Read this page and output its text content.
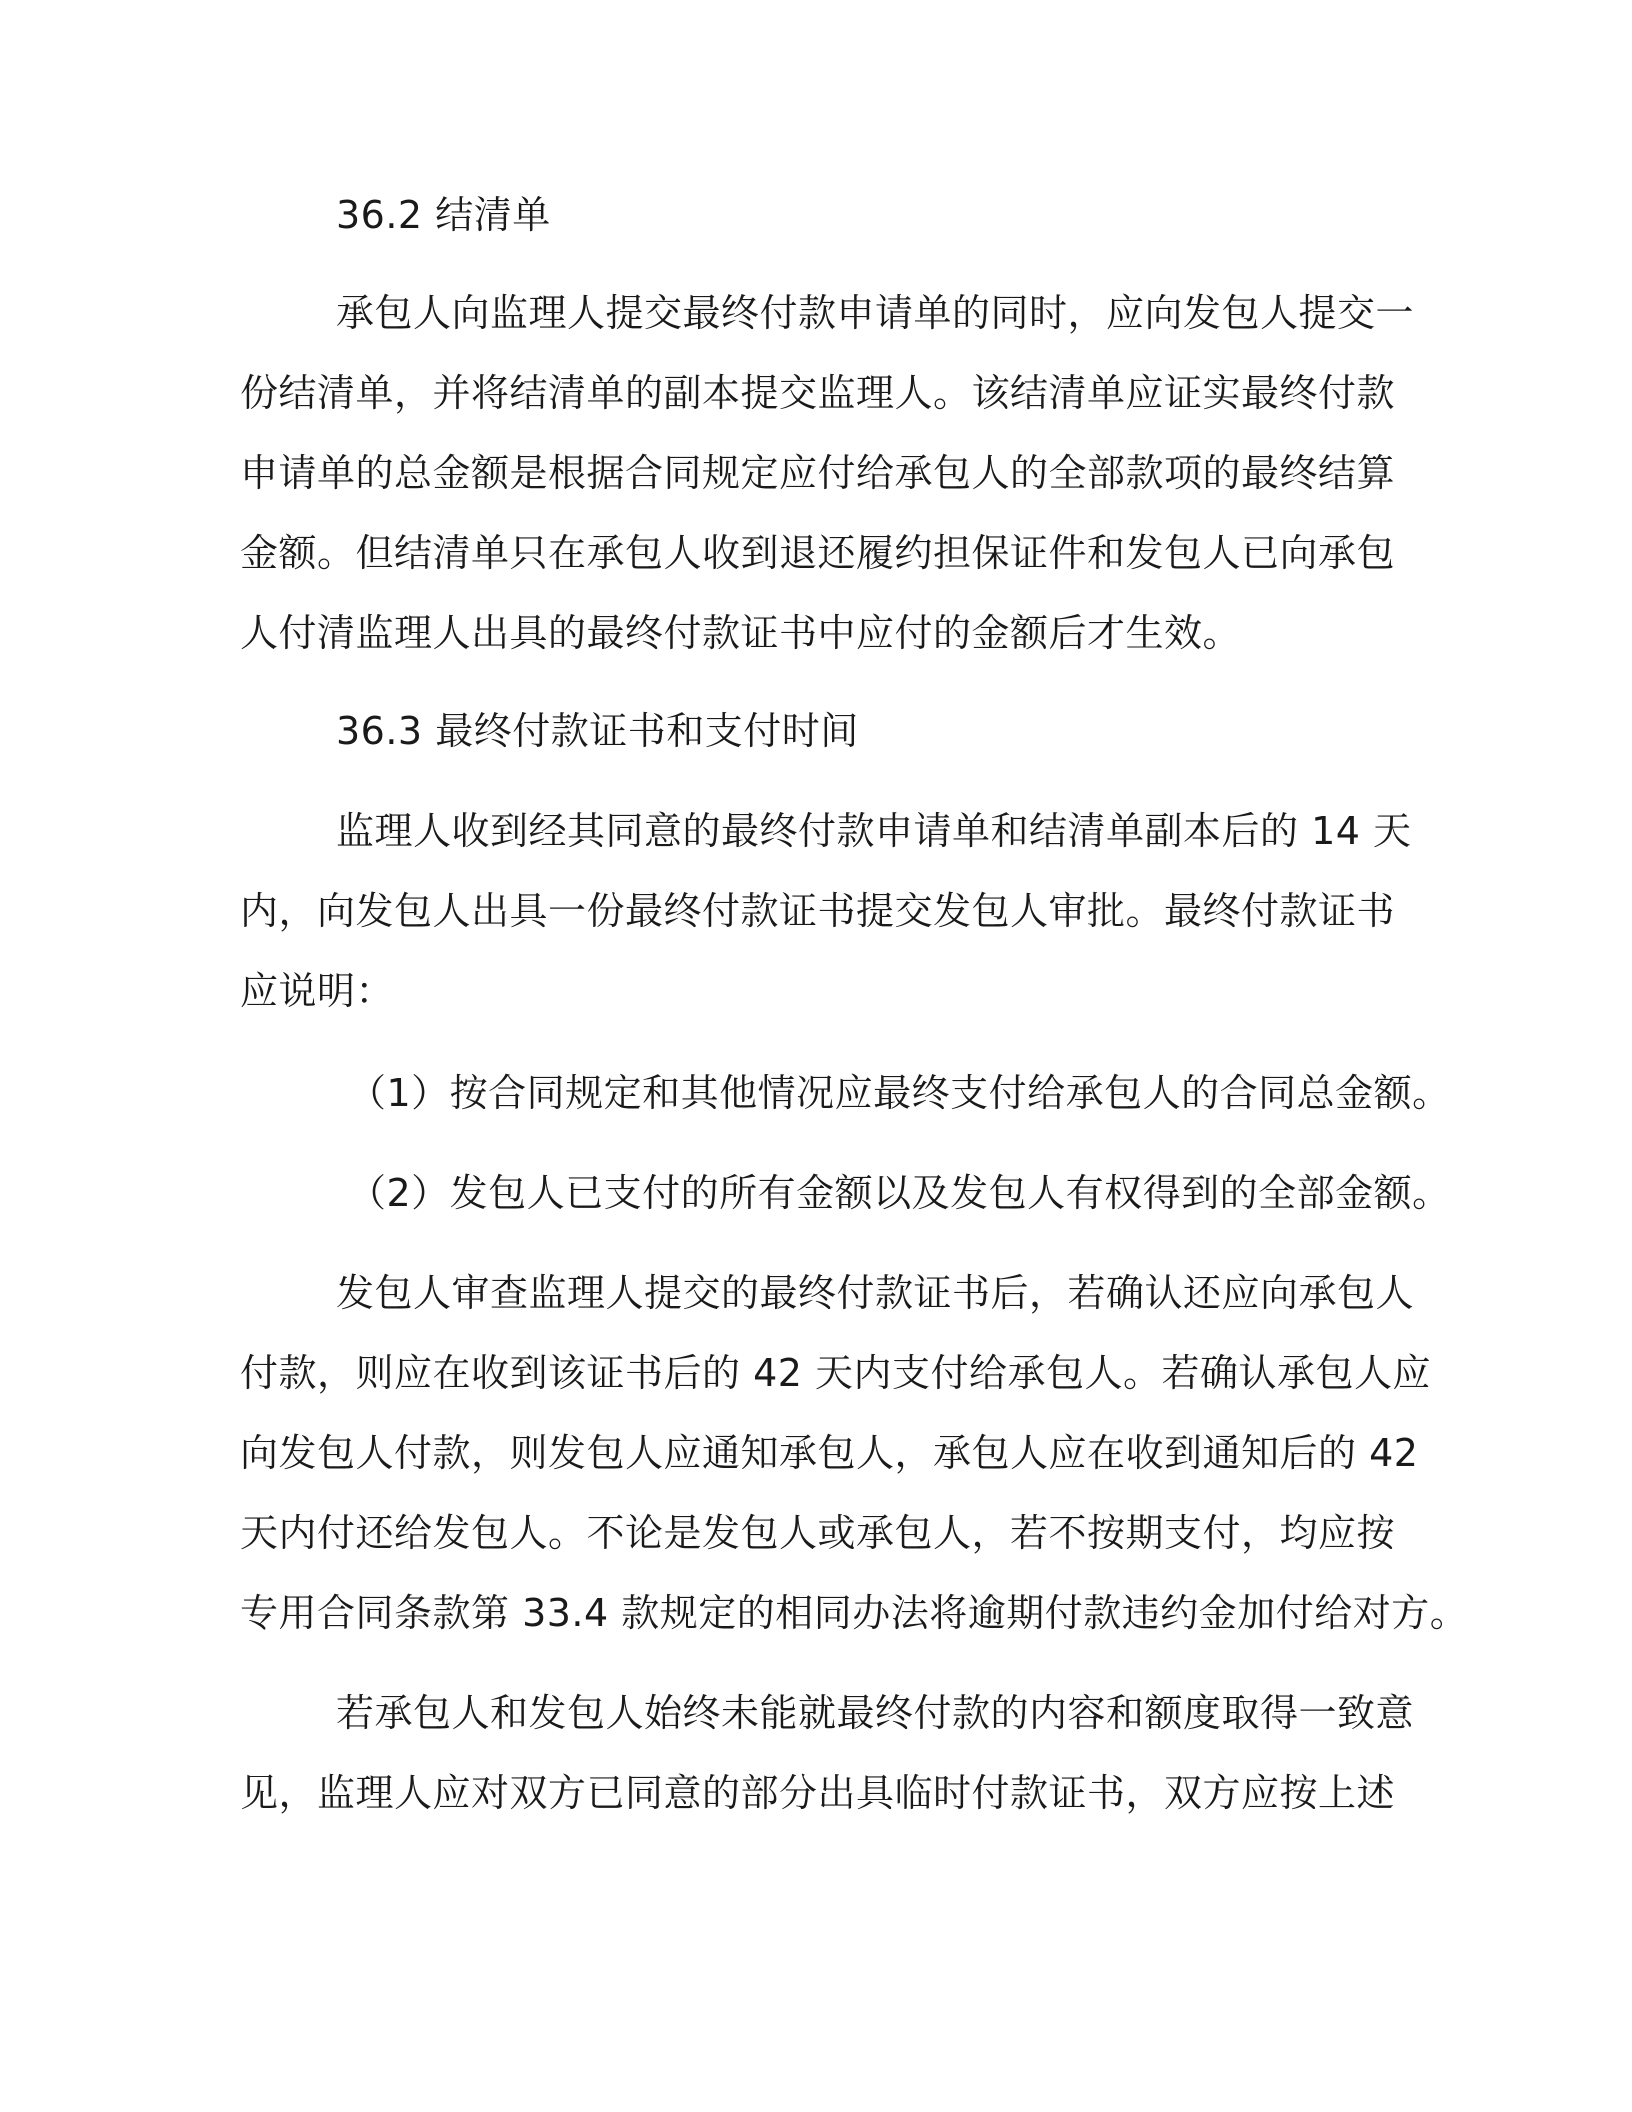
36.2 结清单
承包人向监理人提交最终付款申请单的同时，应向发包人提交一
份结清单，并将结清单的副本提交监理人。该结清单应证实最终付款
申请单的总金额是根据合同规定应付给承包人的全部款项的最终结算
金额。但结清单只在承包人收到退还履约担保证件和发包人已向承包
人付清监理人出具的最终付款证书中应付的金额后才生效。
36.3 最终付款证书和支付时间
监理人收到经其同意的最终付款申请单和结清单副本后的 14 天
内，向发包人出具一份最终付款证书提交发包人审批。最终付款证书
应说明：
（1）按合同规定和其他情况应最终支付给承包人的合同总金额。
（2）发包人已支付的所有金额以及发包人有权得到的全部金额。
发包人审查监理人提交的最终付款证书后，若确认还应向承包人
付款，则应在收到该证书后的 42 天内支付给承包人。若确认承包人应
向发包人付款，则发包人应通知承包人，承包人应在收到通知后的 42
天内付还给发包人。不论是发包人或承包人，若不按期支付，均应按
专用合同条款第 33.4 款规定的相同办法将逾期付款违约金加付给对方。
若承包人和发包人始终未能就最终付款的内容和额度取得一致意
见，监理人应对双方已同意的部分出具临时付款证书，双方应按上述
